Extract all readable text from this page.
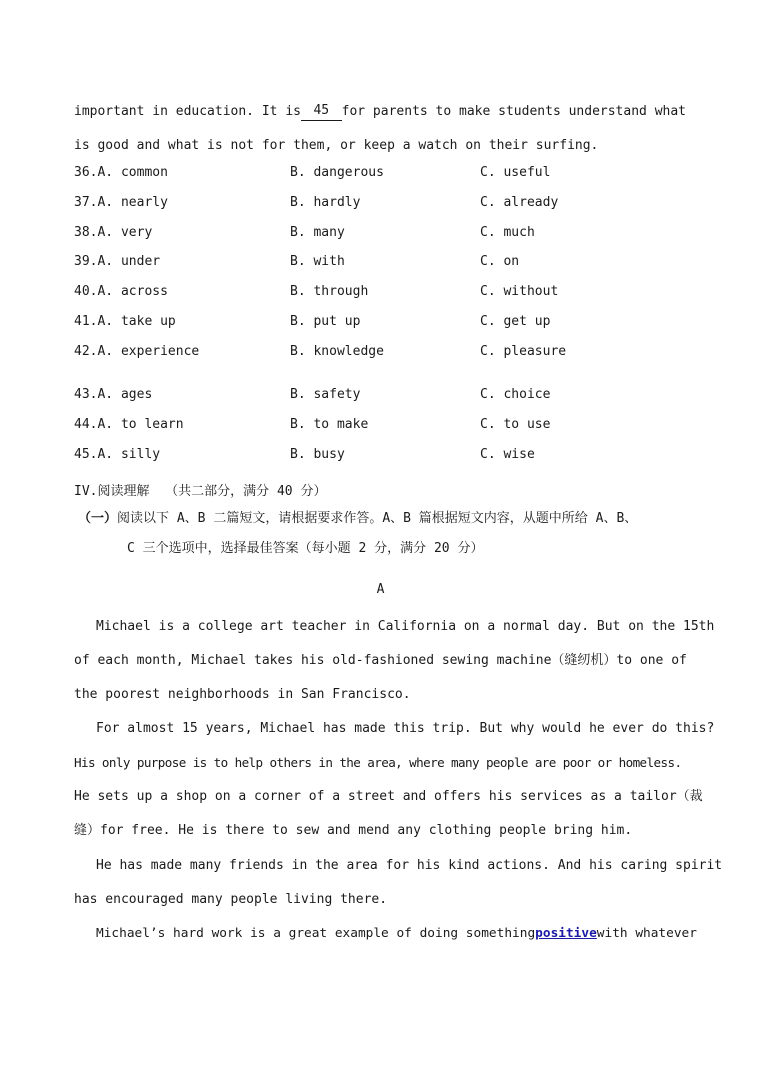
important in education. It is 45 for parents to make students understand what
is good and what is not for them, or keep a watch on their surfing.
36.A. common	B. dangerous	C. useful
37.A. nearly	B. hardly	C. already
38.A. very	B. many	C. much
39.A. under	B. with	C. on
40.A. across	B. through	C. without
41.A. take up	B. put up	C. get up
42.A. experience	B. knowledge	C. pleasure
43.A. ages	B. safety	C. choice
44.A. to learn	B. to make	C. to use
45.A. silly	B. busy	C. wise
IV.阅读理解  （共二部分，满分 40 分）
（一）阅读以下 A、B 二篇短文，请根据要求作答。A、B 篇根据短文内容，从题中所给 A、B、
C 三个选项中，选择最佳答案（每小题 2 分，满分 20 分）
A
Michael is a college art teacher in California on a normal day. But on the 15th
of each month, Michael takes his old-fashioned sewing machine（缝纫机）to one of
the poorest neighborhoods in San Francisco.
For almost 15 years, Michael has made this trip. But why would he ever do this?
His only purpose is to help others in the area, where many people are poor or homeless.
He sets up a shop on a corner of a street and offers his services as a tailor（裁
缝）for free. He is there to sew and mend any clothing people bring him.
He has made many friends in the area for his kind actions. And his caring spirit
has encouraged many people living there.
Michael’s hard work is a great example of doing something positive with whatever
